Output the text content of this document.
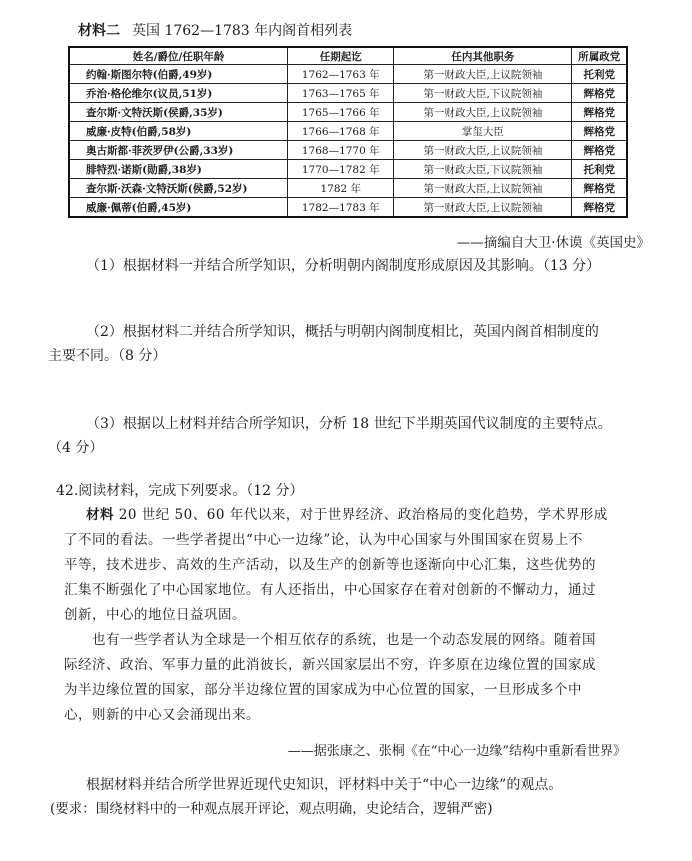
材料二 英国 1762—1783 年内阁首相列表
姓名/爵位/任职年龄	任期起讫	任内其他职务	所属政党
约翰·斯图尔特(伯爵,49岁)	1762—1763 年	第一财政大臣,上议院领袖	托利党
乔治·格伦维尔(议员,51岁)	1763—1765 年	第一财政大臣,下议院领袖	辉格党
查尔斯·文特沃斯(侯爵,35岁)	1765—1766 年	第一财政大臣,上议院领袖	辉格党
威廉·皮特(伯爵,58岁)	1766—1768 年	掌玺大臣	辉格党
奥古斯都·菲茨罗伊(公爵,33岁)	1768—1770 年	第一财政大臣,上议院领袖	辉格党
腓特烈·诺斯(勋爵,38岁)	1770—1782 年	第一财政大臣,下议院领袖	托利党
查尔斯·沃森·文特沃斯(侯爵,52岁)	1782 年	第一财政大臣,上议院领袖	辉格党
威廉·佩蒂(伯爵,45岁)	1782—1783 年	第一财政大臣,上议院领袖	辉格党
——摘编自大卫·休谟《英国史》
（1）根据材料一并结合所学知识，分析明朝内阁制度形成原因及其影响。（13 分）
（2）根据材料二并结合所学知识，概括与明朝内阁制度相比，英国内阁首相制度的
主要不同。（8 分）
（3）根据以上材料并结合所学知识，分析 18 世纪下半期英国代议制度的主要特点。
（4 分）
42.阅读材料，完成下列要求。（12 分）
材料 20 世纪 50、60 年代以来，对于世界经济、政治格局的变化趋势，学术界形成
了不同的看法。一些学者提出“中心一边缘”论，认为中心国家与外围国家在贸易上不
平等，技术进步、高效的生产活动，以及生产的创新等也逐渐向中心汇集，这些优势的
汇集不断强化了中心国家地位。有人还指出，中心国家存在着对创新的不懈动力，通过
创新，中心的地位日益巩固。
　　也有一些学者认为全球是一个相互依存的系统，也是一个动态发展的网络。随着国
际经济、政治、军事力量的此消彼长，新兴国家层出不穷，许多原在边缘位置的国家成
为半边缘位置的国家，部分半边缘位置的国家成为中心位置的国家，一旦形成多个中
心，则新的中心又会涌现出来。
——据张康之、张桐《在“中心一边缘”结构中重新看世界》
根据材料并结合所学世界近现代史知识，评材料中关于“中心一边缘”的观点。
(要求：围绕材料中的一种观点展开评论，观点明确，史论结合，逻辑严密)
